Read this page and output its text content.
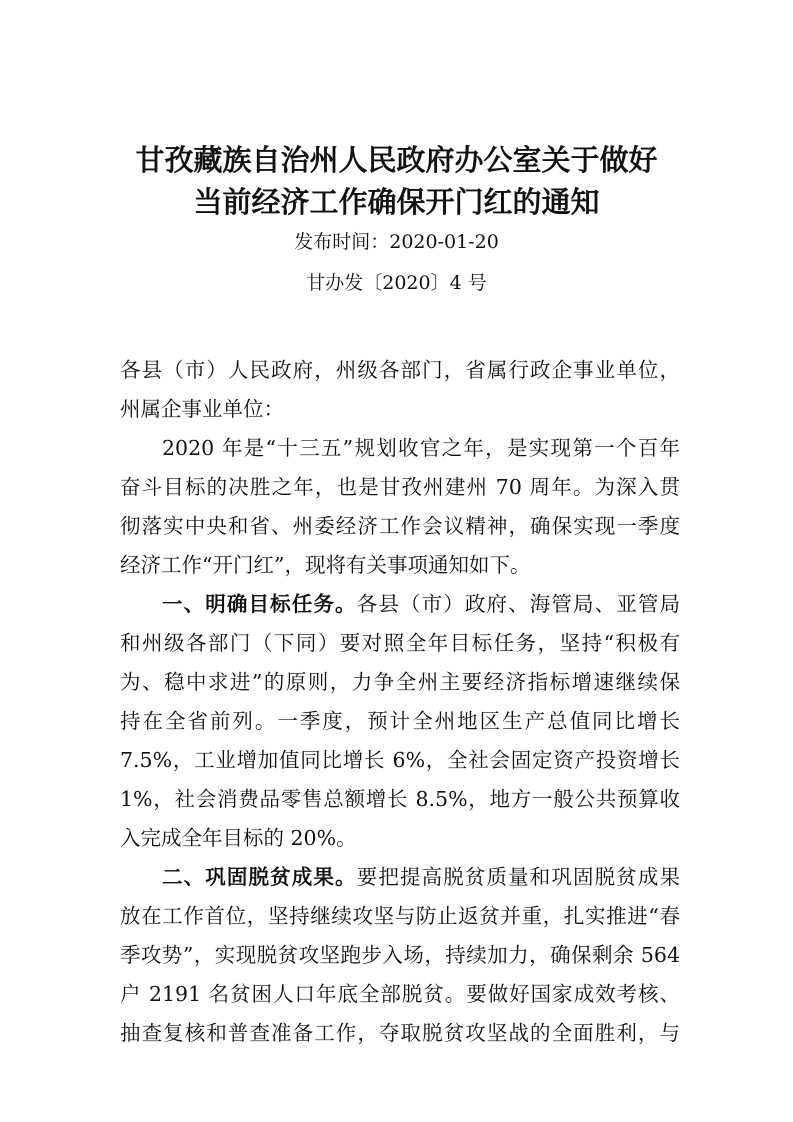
甘孜藏族自治州人民政府办公室关于做好
当前经济工作确保开门红的通知
发布时间：2020-01-20
甘办发〔2020〕4 号
各县（市）人民政府，州级各部门，省属行政企事业单位，
州属企事业单位：
2020 年是“十三五”规划收官之年，是实现第一个百年
奋斗目标的决胜之年，也是甘孜州建州 70 周年。为深入贯
彻落实中央和省、州委经济工作会议精神，确保实现一季度
经济工作“开门红”，现将有关事项通知如下。
一、明确目标任务。各县（市）政府、海管局、亚管局
和州级各部门（下同）要对照全年目标任务，坚持“积极有
为、稳中求进”的原则，力争全州主要经济指标增速继续保
持在全省前列。一季度，预计全州地区生产总值同比增长
7.5%，工业增加值同比增长 6%，全社会固定资产投资增长
1%，社会消费品零售总额增长 8.5%，地方一般公共预算收
入完成全年目标的 20%。
二、巩固脱贫成果。要把提高脱贫质量和巩固脱贫成果
放在工作首位，坚持继续攻坚与防止返贫并重，扎实推进“春
季攻势”，实现脱贫攻坚跑步入场，持续加力，确保剩余 564
户 2191 名贫困人口年底全部脱贫。要做好国家成效考核、
抽查复核和普查准备工作，夺取脱贫攻坚战的全面胜利，与
